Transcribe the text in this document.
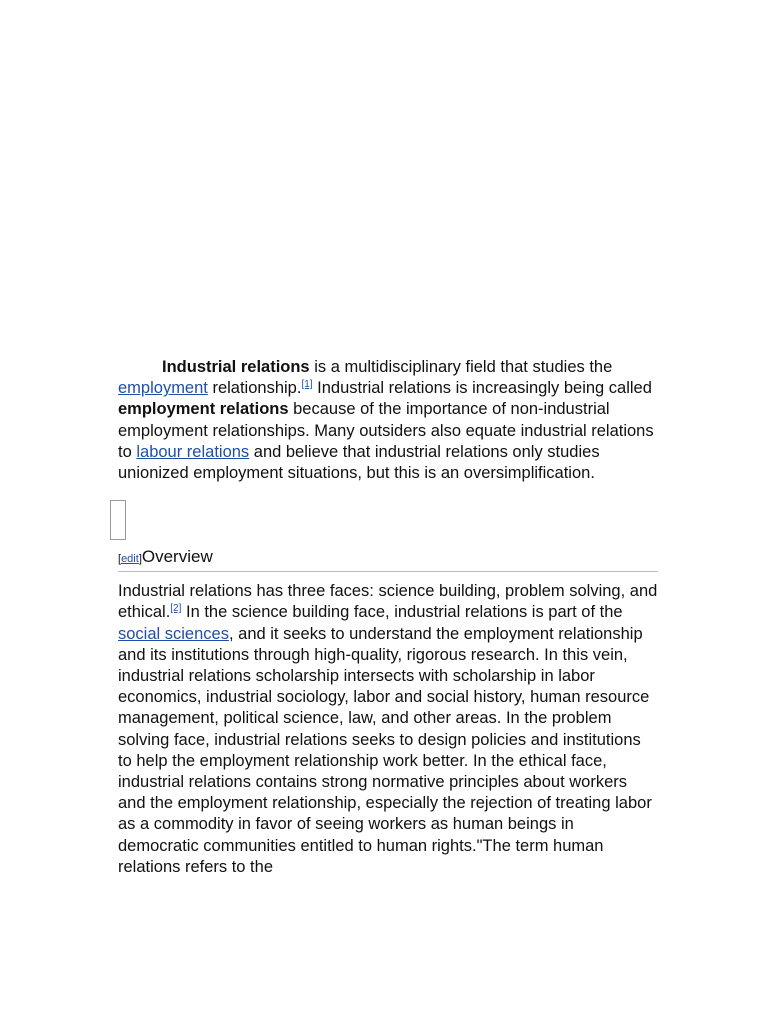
Industrial relations is a multidisciplinary field that studies the employment relationship.[1] Industrial relations is increasingly being called employment relations because of the importance of non-industrial employment relationships. Many outsiders also equate industrial relations to labour relations and believe that industrial relations only studies unionized employment situations, but this is an oversimplification.

[edit]Overview

Industrial relations has three faces: science building, problem solving, and ethical.[2] In the science building face, industrial relations is part of the social sciences, and it seeks to understand the employment relationship and its institutions through high-quality, rigorous research. In this vein, industrial relations scholarship intersects with scholarship in labor economics, industrial sociology, labor and social history, human resource management, political science, law, and other areas. In the problem solving face, industrial relations seeks to design policies and institutions to help the employment relationship work better. In the ethical face, industrial relations contains strong normative principles about workers and the employment relationship, especially the rejection of treating labor as a commodity in favor of seeing workers as human beings in democratic communities entitled to human rights."The term human relations refers to the
